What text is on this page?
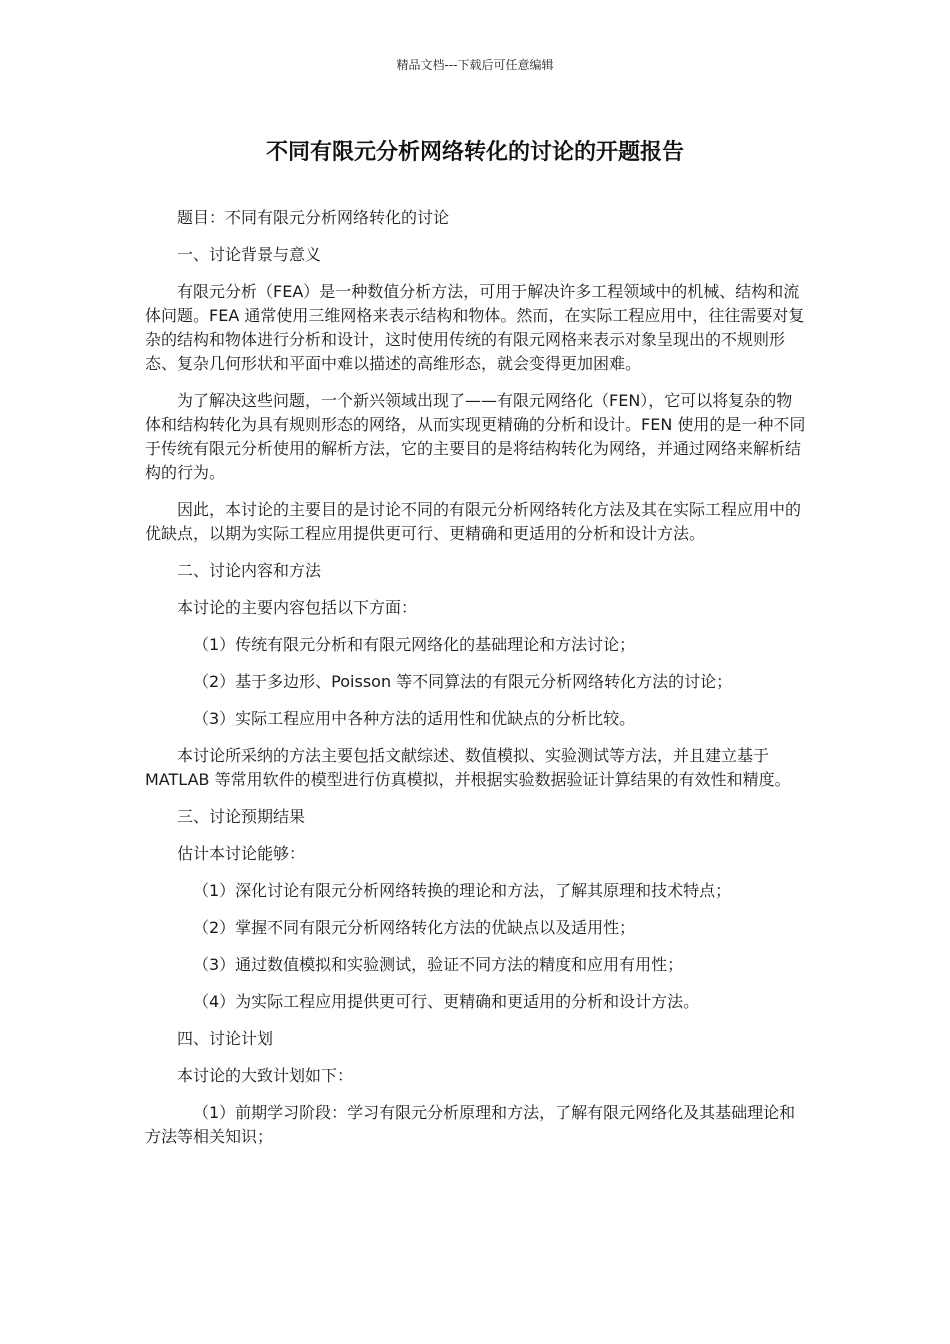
精品文档---下载后可任意编辑
不同有限元分析网络转化的讨论的开题报告

题目：不同有限元分析网络转化的讨论

一、讨论背景与意义

有限元分析（FEA）是一种数值分析方法，可用于解决许多工程领域中的机械、结构和流体问题。FEA 通常使用三维网格来表示结构和物体。然而，在实际工程应用中，往往需要对复杂的结构和物体进行分析和设计，这时使用传统的有限元网格来表示对象呈现出的不规则形态、复杂几何形状和平面中难以描述的高维形态，就会变得更加困难。

为了解决这些问题，一个新兴领域出现了——有限元网络化（FEN），它可以将复杂的物体和结构转化为具有规则形态的网络，从而实现更精确的分析和设计。FEN 使用的是一种不同于传统有限元分析使用的解析方法，它的主要目的是将结构转化为网络，并通过网络来解析结构的行为。

因此，本讨论的主要目的是讨论不同的有限元分析网络转化方法及其在实际工程应用中的优缺点，以期为实际工程应用提供更可行、更精确和更适用的分析和设计方法。

二、讨论内容和方法

本讨论的主要内容包括以下方面：

（1）传统有限元分析和有限元网络化的基础理论和方法讨论；

（2）基于多边形、Poisson 等不同算法的有限元分析网络转化方法的讨论；

（3）实际工程应用中各种方法的适用性和优缺点的分析比较。

本讨论所采纳的方法主要包括文献综述、数值模拟、实验测试等方法，并且建立基于 MATLAB 等常用软件的模型进行仿真模拟，并根据实验数据验证计算结果的有效性和精度。

三、讨论预期结果

估计本讨论能够：

（1）深化讨论有限元分析网络转换的理论和方法，了解其原理和技术特点；

（2）掌握不同有限元分析网络转化方法的优缺点以及适用性；

（3）通过数值模拟和实验测试，验证不同方法的精度和应用有用性；

（4）为实际工程应用提供更可行、更精确和更适用的分析和设计方法。

四、讨论计划

本讨论的大致计划如下：

（1）前期学习阶段：学习有限元分析原理和方法，了解有限元网络化及其基础理论和方法等相关知识；
